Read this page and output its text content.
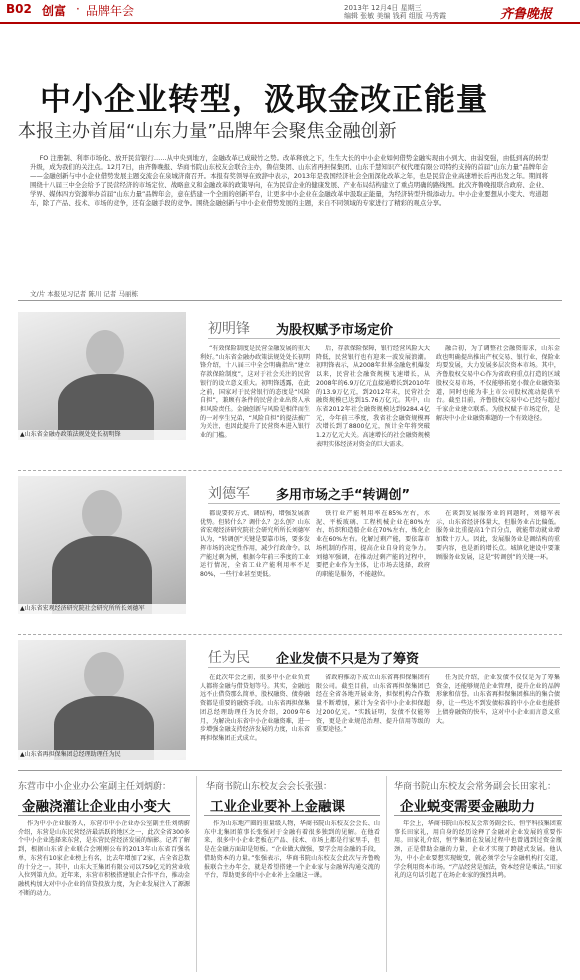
B02 创富 · 品牌年会	2013年 12月4日 星期三
编辑 张敏 美编 钱莉 组版 马秀霞	齐鲁晚报
中小企业转型，汲取金改正能量
本报主办首届“山东力量”品牌年会聚焦金融创新
FO 注册制、利率市场化、放开民营银行……从中央到地方，金融改革已成破竹之势。改革释放之下，生生大长的中小企业如何借势金融实现由小到大、由弱变强，由低到高的转型升级，成为我们的关注点。12月7日，由齐鲁晚报、华商书院山东校友会联合主办，鲁信集团、山东省再担保集团、山东千慧知识产权代理有限公司特约支持的首届“山东力量”品牌年会——金融创新与中小企业借势发展主题交流会在泉城济南召开。本报有奖领导在致辞中表示，2013年是我国经济社会全面深化改革之年，也是民营企业高速增长后再出发之年。期间将围绕十八届三中全会给予了民营经济的市场定位、战略意义和金融改革的政策导向，在为民营企业的健康发展、产业布局结构建立了重点明确的路线图。此次齐鲁晚报联合政府、企业、学界、媒体四方资源举办首届“山东力量”品牌年会，意在搭建一个全面的创新平台，让更多中小企业在金融改革中汲取正能量，为经济转型升级添动力。中小企业要想从小变大、弯道超车，除了产品、技术、市场的竞争，还有金融手段的竞争。围绕金融创新与中小企业借势发展的主题，来自不同领域的专家进行了精彩的观点分享。
文/片 本报见习记者 陈川 记者 马丽栋
▲山东省金融办政策法规处处长初明锋
初明锋 为股权赋予市场定价
“有效保险制度是民营金融发展的重大利好。”山东省金融办政策法规处处长初明锋介绍，十八届三中全会明确指出“建立存款保险制度”，这对于社会关注的民营银行的设立意义重大。初明锋透露，在此之前，国家对于民营银行的态度是“风险自担”，兼顾有条件的民营企业出资人承担风险责任。金融创新与风险是相伴而生的一对孪生兄弟，“风险自担”的提法被广为关注，也因此提升了民营资本进入银行业的门槛。
后，存款保险保障，银行经营风险大大降低，民营银行也有迎来一波发展浪潮。初明锋表示，从2008年世界金融危机爆发以来，民营社会融资规模飞速增长，从2008年的6.9万亿元直接通增长到2010年的13.9万亿元，到2012年末，民营社会融资规模已达到15.76万亿元。其中，山东省2012年社会融资规模达到9284.4亿元，今年前三季度，我省社会融资规模再次增长到了8800亿元，预计全年将突破1.2万亿元大关。高速增长的社会融资规模表明实体经济对资金的巨大需求。
融合初，为了调整社会融资需求，山东金政也明确提出推出产权交易、银行业、保险业均要发展，大力发展多层次资本市场。其中，齐鲁股权交易中心作为省政府重点打造的区域股权交易市场，不仅能够拓宽小微企业融资渠道，同时也能为非上市公司股权流动提供平台。截至目前，齐鲁股权交易中心已经与超过千家企业建立联系。为股权赋予市场定价，是解决中小企业融资难题的一个有效途径。
▲山东省宏观经济研究院社会研究所所长刘德军
刘德军 多用市场之手“转调创”
都说要转方式、调结构，增强发展新优势。但转什么？调什么？怎么创？山东省宏观经济研究院社会研究所所长刘德军认为，“转调创”关键是要靠市场，要多发挥市场的决定性作用，减少行政命令。以产能过剩为例，根据今年前三季度的工业运行情况，全省工业产能利用率不足80%，一些行业甚至更低。
铁行业产能利用率在85%左右，水泥、平板玻璃、工程机械企业在80%左右，纺织和造船企业在70%左右，炼化企业在60%左右。化解过剩产能，要依靠市场机制的作用，提高企业自身的竞争力。刘德军强调，在推动过剩产能的过程中，要把企业作为主体，让市场去选择，政府的职能是服务，不能越位。
在谈到发展服务业的问题时，刘德军表示，山东省经济体量大，但服务业占比偏低。服务业比重提高1个百分点，就能带动就业增加数十万人。因此，发展服务业是调结构的重要内容，也是新的增长点。城镇化建设中要兼顾服务业发展，这是“转调创”的关键一环。
▲山东省再担保集团总经理助理任为民
任为民 企业发债不只是为了筹资
在此次年会之前，很多中小企业负责人都将金融与借贷划等号。其实，金融远远不止借贷那么简单，股权融资、债券融资都是重要的融资手段。山东省再担保集团总经理助理任为民介绍，2009年6月，为解决山东省中小企业融资难，进一步增强金融支持经济发展的力度，山东省再担保集团正式成立。
省政府推动下成立山东省再担保集团有限公司。截至目前，山东省再担保集团已经在全省各地开展业务，担保机构合作数量不断增加，累计为全省中小企业担保超过200亿元。“实践证明，发债不仅能筹资，更是企业规范治理、提升信用等级的重要途径。”
任为民介绍，企业发债不仅仅是为了筹集资金，还能够规范企业管理，提升企业的品牌形象和信誉。山东省再担保集团推出的集合债券，让一些达不到发债标准的中小企业也能搭上债券融资的快车，这对中小企业而言意义重大。
东营市中小企业办公室副主任刘炳蔚：
金融浇灌让企业由小变大
作为中小企业服务人，东营市中小企业办公室副主任刘炳蔚介绍，东营是山东民营经济最活跃的地区之一，此次全省300多个中小企业选择来东营，是东营民营经济发展的缩影。记者了解到，根据山东省企业联合会刚刚公布的2013年山东省百强名单，东营有10家企业榜上有名，比去年增加了2家，占全省总数的十分之一。其中，山东大王集团有限公司以759亿元的营业收入位列第九位。近年来，东营市积极搭建银企合作平台，推动金融机构加大对中小企业的信贷投放力度，为企业发展注入了源源不断的动力。
华商书院山东校友会会长张强：
工业企业要补上金融课
作为山东地产圈的重量级人物，华商书院山东校友会会长、山东中北集团董事长张强对于金融有着很多独到的见解。在他看来，很多中小企业老板在产品、技术、市场上都是行家里手，但是在金融方面却是短板。“企业做大做强，要学会用金融的手段，借助资本的力量。”张强表示，华商书院山东校友会此次与齐鲁晚报联合主办年会，就是希望搭建一个企业家与金融界沟通交流的平台，帮助更多的中小企业补上金融这一课。
华商书院山东校友会常务副会长田家礼：
企业蜕变需要金融助力
年会上，华商书院山东校友会常务副会长、恒宇科技集团董事长田家礼，用自身的经历诠释了金融对企业发展的重要作用。田家礼介绍，恒宇集团在发展过程中也曾遇到过资金瓶颈，正是借助金融的力量，企业才实现了跨越式发展。他认为，中小企业要想实现蜕变，就必须学会与金融机构打交道，学会利用资本市场。“产品经营是加法，资本经营是乘法。”田家礼的这句话引起了在场企业家的强烈共鸣。
